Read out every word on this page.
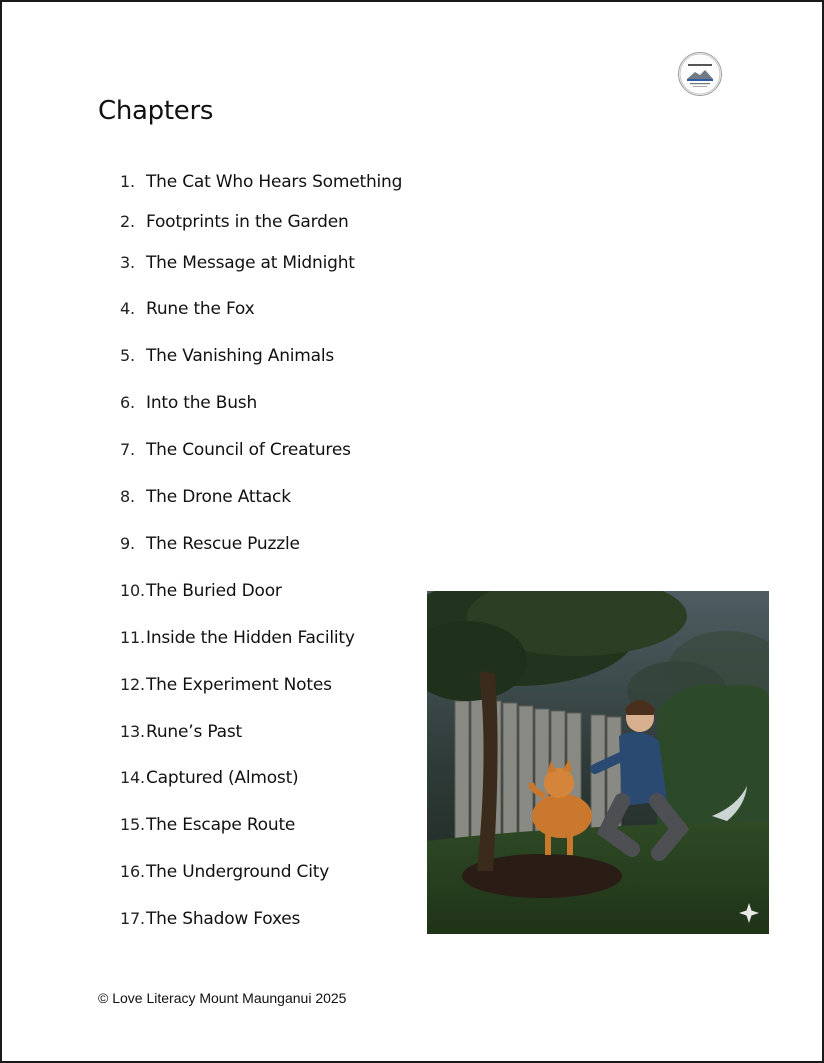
Chapters
1. The Cat Who Hears Something
2. Footprints in the Garden
3. The Message at Midnight
4. Rune the Fox
5. The Vanishing Animals
6. Into the Bush
7. The Council of Creatures
8. The Drone Attack
9. The Rescue Puzzle
10.The Buried Door
11.Inside the Hidden Facility
12.The Experiment Notes
13.Rune’s Past
14.Captured (Almost)
15.The Escape Route
16.The Underground City
17.The Shadow Foxes
© Love Literacy Mount Maunganui 2025
